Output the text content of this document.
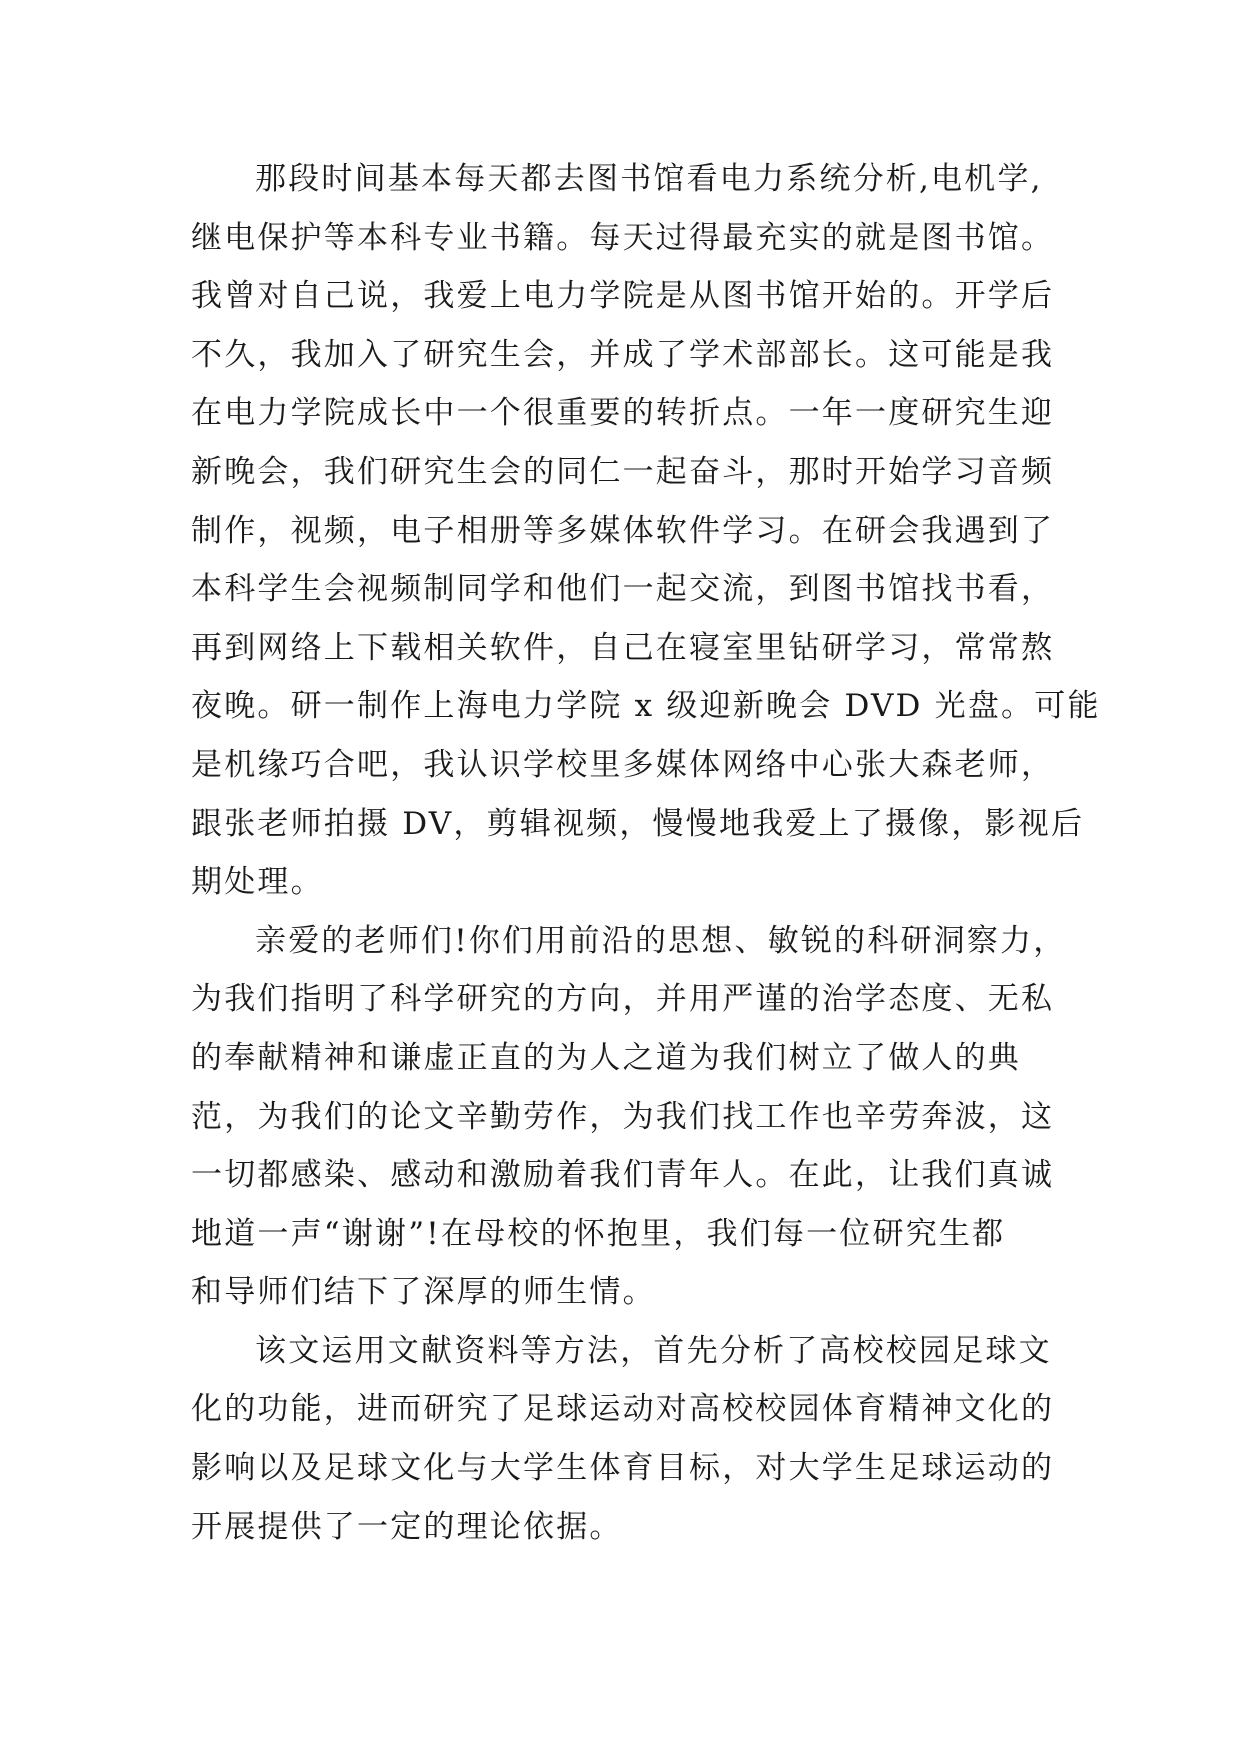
那段时间基本每天都去图书馆看电力系统分析,电机学,
继电保护等本科专业书籍。每天过得最充实的就是图书馆。
我曾对自己说，我爱上电力学院是从图书馆开始的。开学后
不久，我加入了研究生会，并成了学术部部长。这可能是我
在电力学院成长中一个很重要的转折点。一年一度研究生迎
新晚会，我们研究生会的同仁一起奋斗，那时开始学习音频
制作，视频，电子相册等多媒体软件学习。在研会我遇到了
本科学生会视频制同学和他们一起交流，到图书馆找书看，
再到网络上下载相关软件，自己在寝室里钻研学习，常常熬
夜晚。研一制作上海电力学院 x 级迎新晚会 DVD 光盘。可能
是机缘巧合吧，我认识学校里多媒体网络中心张大森老师，
跟张老师拍摄 DV，剪辑视频，慢慢地我爱上了摄像，影视后
期处理。
亲爱的老师们!你们用前沿的思想、敏锐的科研洞察力，
为我们指明了科学研究的方向，并用严谨的治学态度、无私
的奉献精神和谦虚正直的为人之道为我们树立了做人的典
范，为我们的论文辛勤劳作，为我们找工作也辛劳奔波，这
一切都感染、感动和激励着我们青年人。在此，让我们真诚
地道一声“谢谢”!在母校的怀抱里，我们每一位研究生都
和导师们结下了深厚的师生情。
该文运用文献资料等方法，首先分析了高校校园足球文
化的功能，进而研究了足球运动对高校校园体育精神文化的
影响以及足球文化与大学生体育目标，对大学生足球运动的
开展提供了一定的理论依据。
